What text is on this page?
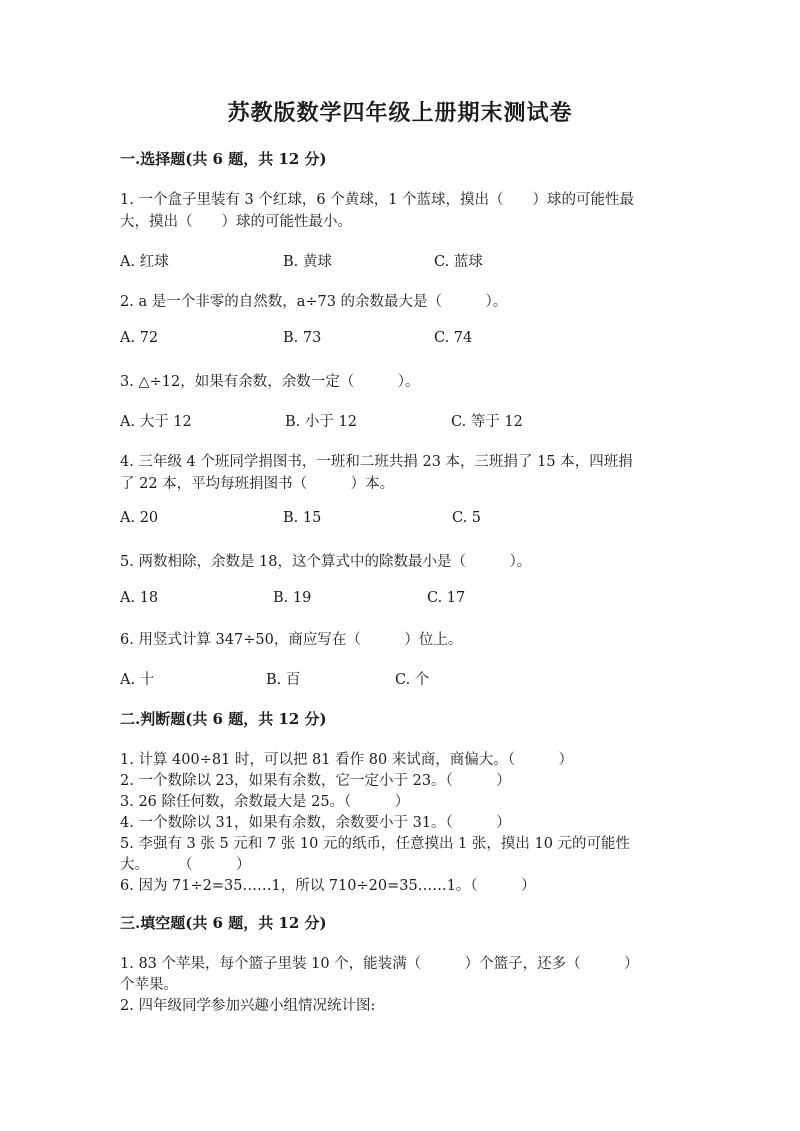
苏教版数学四年级上册期末测试卷
一.选择题(共 6 题，共 12 分)
1. 一个盒子里装有 3 个红球，6 个黄球，1 个蓝球，摸出（　　）球的可能性最
大，摸出（　　）球的可能性最小。
A. 红球	B. 黄球	C. 蓝球
2. a 是一个非零的自然数，a÷73 的余数最大是（　　　）。
A. 72	B. 73	C. 74
3. △÷12，如果有余数，余数一定（　　　）。
A. 大于 12	B. 小于 12	C. 等于 12
4. 三年级 4 个班同学捐图书，一班和二班共捐 23 本，三班捐了 15 本，四班捐
了 22 本，平均每班捐图书（　　　）本。
A. 20	B. 15	C. 5
5. 两数相除，余数是 18，这个算式中的除数最小是（　　　）。
A. 18	B. 19	C. 17
6. 用竖式计算 347÷50，商应写在（　　　）位上。
A. 十	B. 百	C. 个
二.判断题(共 6 题，共 12 分)
1. 计算 400÷81 时，可以把 81 看作 80 来试商，商偏大。（　　　）
2. 一个数除以 23，如果有余数，它一定小于 23。（　　　）
3. 26 除任何数，余数最大是 25。（　　　）
4. 一个数除以 31，如果有余数，余数要小于 31。（　　　）
5. 李强有 3 张 5 元和 7 张 10 元的纸币，任意摸出 1 张，摸出 10 元的可能性
大。　　　（　　　）
6. 因为 71÷2=35……1，所以 710÷20=35……1。（　　　）
三.填空题(共 6 题，共 12 分)
1. 83 个苹果，每个篮子里装 10 个，能装满（　　　）个篮子，还多（　　　）
个苹果。
2. 四年级同学参加兴趣小组情况统计图:
